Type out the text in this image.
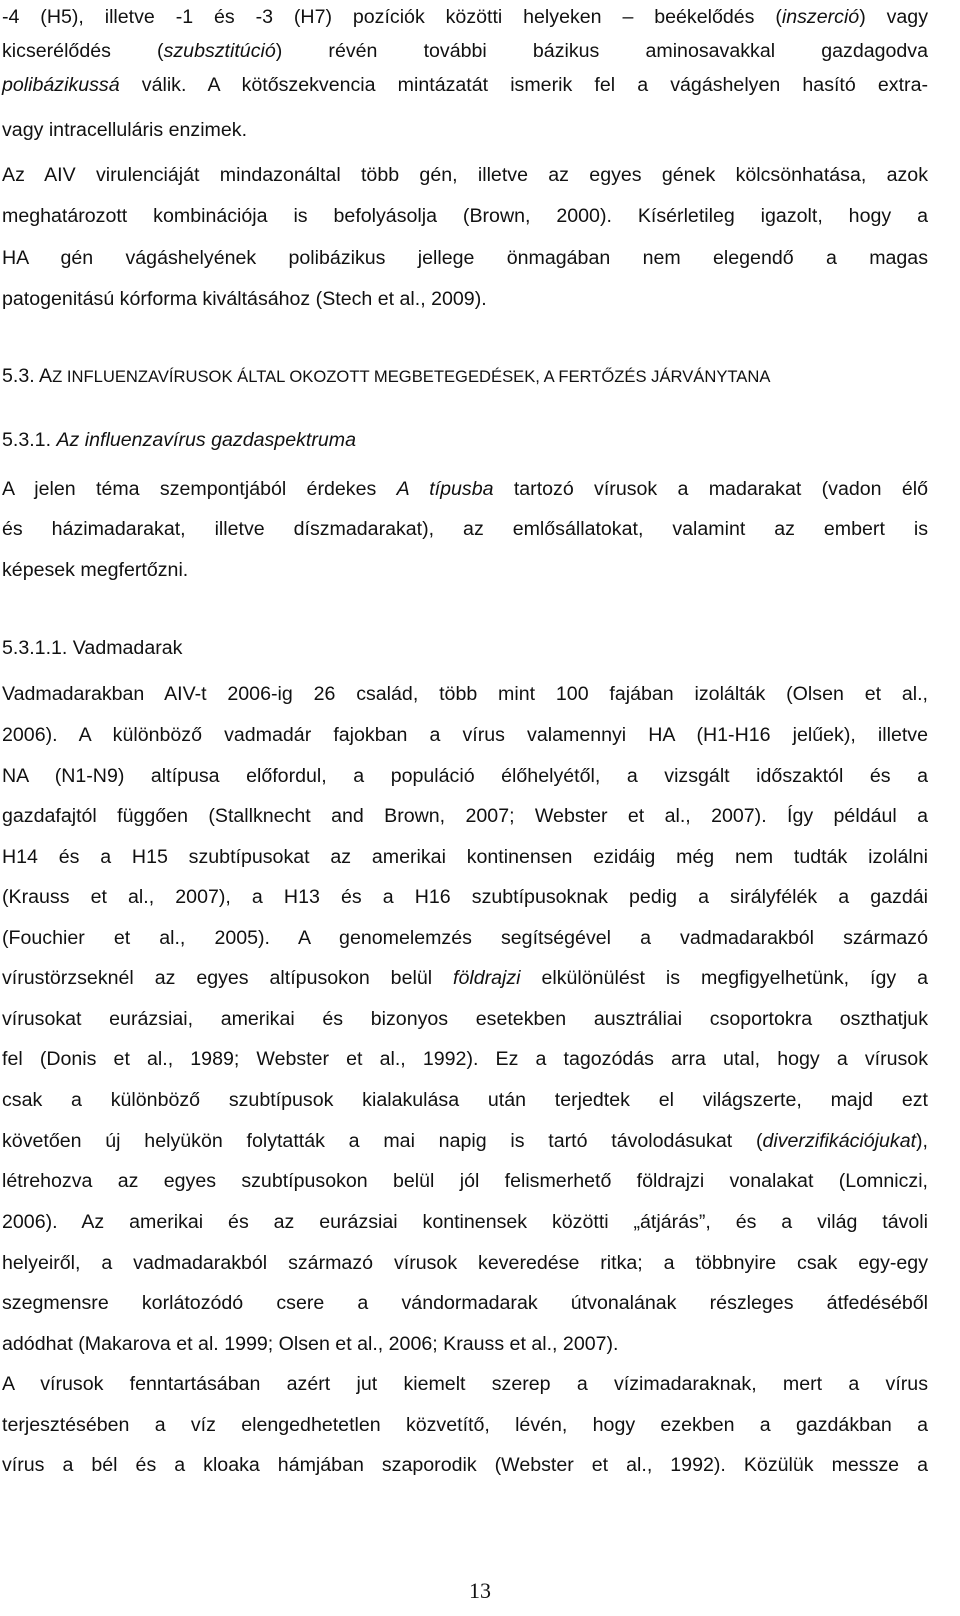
-4 (H5), illetve -1 és -3 (H7) pozíciók közötti helyeken – beékelődés (inszerció) vagy
kicserélődés (szubsztitúció) révén további bázikus aminosavakkal gazdagodva
polibázikussá válik. A kötőszekvencia mintázatát ismerik fel a vágáshelyen hasító extra-
vagy intracelluláris enzimek.
Az AIV virulenciáját mindazonáltal több gén, illetve az egyes gének kölcsönhatása, azok
meghatározott kombinációja is befolyásolja (Brown, 2000). Kísérletileg igazolt, hogy a
HA gén vágáshelyének polibázikus jellege önmagában nem elegendő a magas
patogenitású kórforma kiváltásához (Stech et al., 2009).
5.3. AZ INFLUENZAVÍRUSOK ÁLTAL OKOZOTT MEGBETEGEDÉSEK, A FERTŐZÉS JÁRVÁNYTANA
5.3.1. Az influenzavírus gazdaspektruma
A jelen téma szempontjából érdekes A típusba tartozó vírusok a madarakat (vadon élő
és házimadarakat, illetve díszmadarakat), az emlősállatokat, valamint az embert is
képesek megfertőzni.
5.3.1.1. Vadmadarak
Vadmadarakban AIV-t 2006-ig 26 család, több mint 100 fajában izolálták (Olsen et al.,
2006). A különböző vadmadár fajokban a vírus valamennyi HA (H1-H16 jelűek), illetve
NA (N1-N9) altípusa előfordul, a populáció élőhelyétől, a vizsgált időszaktól és a
gazdafajtól függően (Stallknecht and Brown, 2007; Webster et al., 2007). Így például a
H14 és a H15 szubtípusokat az amerikai kontinensen ezidáig még nem tudták izolálni
(Krauss et al., 2007), a H13 és a H16 szubtípusoknak pedig a sirályfélék a gazdái
(Fouchier et al., 2005). A genomelemzés segítségével a vadmadarakból származó
vírustörzseknél az egyes altípusokon belül földrajzi elkülönülést is megfigyelhetünk, így a
vírusokat eurázsiai, amerikai és bizonyos esetekben ausztráliai csoportokra oszthatjuk
fel (Donis et al., 1989; Webster et al., 1992). Ez a tagozódás arra utal, hogy a vírusok
csak a különböző szubtípusok kialakulása után terjedtek el világszerte, majd ezt
követően új helyükön folytatták a mai napig is tartó távolodásukat (diverzifikációjukat),
létrehozva az egyes szubtípusokon belül jól felismerhető földrajzi vonalakat (Lomniczi,
2006). Az amerikai és az eurázsiai kontinensek közötti „átjárás”, és a világ távoli
helyeiről, a vadmadarakból származó vírusok keveredése ritka; a többnyire csak egy-egy
szegmensre korlátozódó csere a vándormadarak útvonalának részleges átfedéséből
adódhat (Makarova et al. 1999; Olsen et al., 2006; Krauss et al., 2007).
A vírusok fenntartásában azért jut kiemelt szerep a vízimadaraknak, mert a vírus
terjesztésében a víz elengedhetetlen közvetítő, lévén, hogy ezekben a gazdákban a
vírus a bél és a kloaka hámjában szaporodik (Webster et al., 1992). Közülük messze a
13
